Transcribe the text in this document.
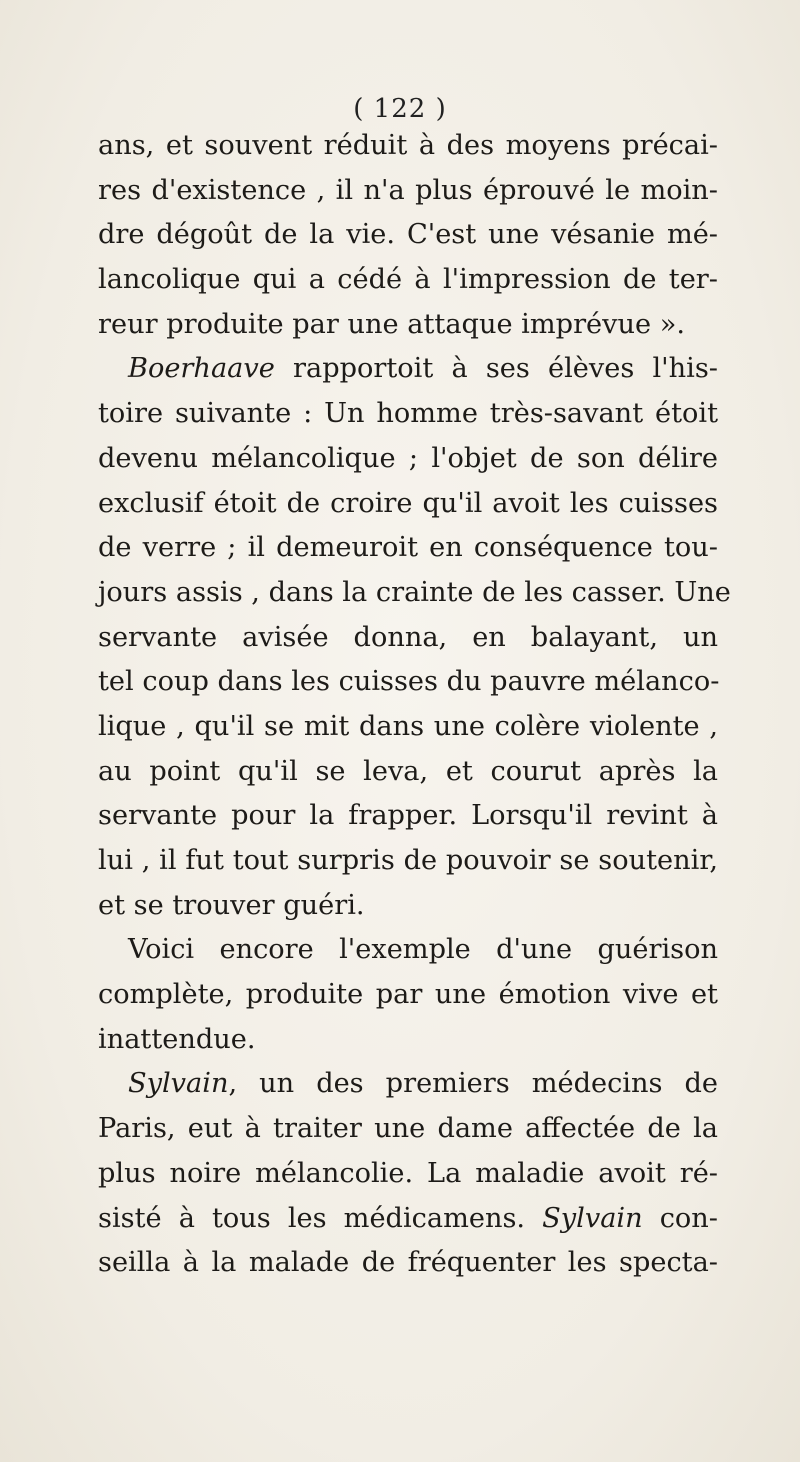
( 122 )
ans, et souvent réduit à des moyens précai-
res d'existence , il n'a plus éprouvé le moin-
dre dégoût de la vie. C'est une vésanie mé-
lancolique qui a cédé à l'impression de ter-
reur produite par une attaque imprévue ».
Boerhaave rapportoit à ses élèves l'his-
toire suivante : Un homme très-savant étoit
devenu mélancolique ; l'objet de son délire
exclusif étoit de croire qu'il avoit les cuisses
de verre ; il demeuroit en conséquence tou-
jours assis , dans la crainte de les casser. Une
servante avisée donna, en balayant, un
tel coup dans les cuisses du pauvre mélanco-
lique , qu'il se mit dans une colère violente ,
au point qu'il se leva, et courut après la
servante pour la frapper. Lorsqu'il revint à
lui , il fut tout surpris de pouvoir se soutenir,
et se trouver guéri.
Voici encore l'exemple d'une guérison
complète, produite par une émotion vive et
inattendue.
Sylvain, un des premiers médecins de
Paris, eut à traiter une dame affectée de la
plus noire mélancolie. La maladie avoit ré-
sisté à tous les médicamens. Sylvain con-
seilla à la malade de fréquenter les specta-
